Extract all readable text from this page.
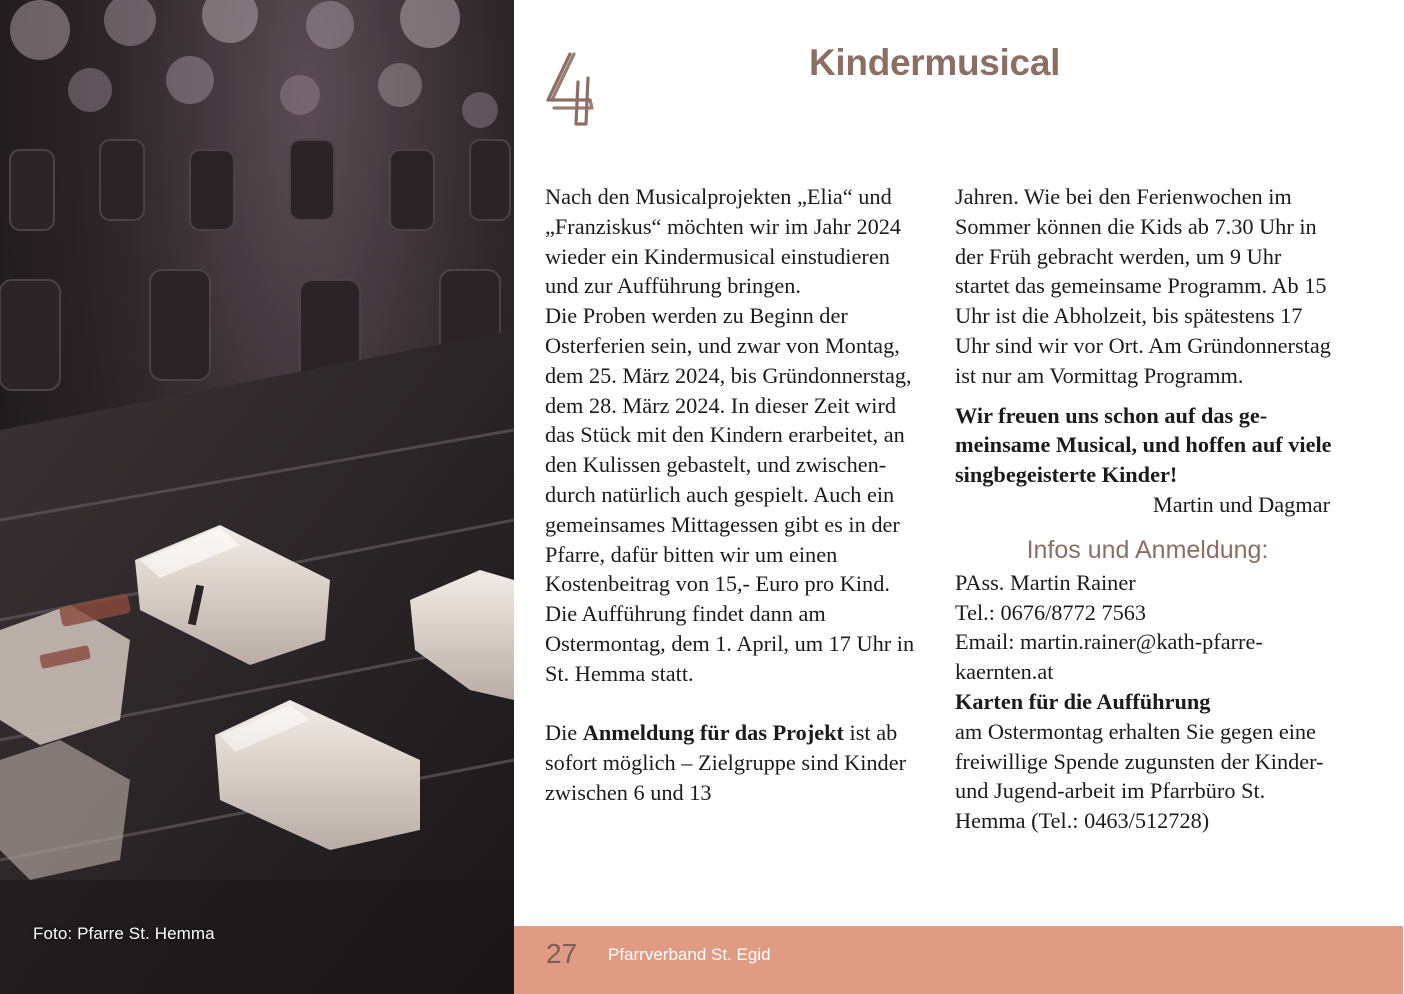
Foto: Pfarre St. Hemma
Kindermusical

Nach den Musicalprojekten „Elia“ und „Franziskus“ möchten wir im Jahr 2024 wieder ein Kindermusical einstudieren und zur Aufführung bringen.

Die Proben werden zu Beginn der Osterferien sein, und zwar von Montag, dem 25. März 2024, bis Gründonnerstag, dem 28. März 2024. In dieser Zeit wird das Stück mit den Kindern erarbeitet, an den Kulissen gebastelt, und zwischen-durch natürlich auch gespielt. Auch ein gemeinsames Mittagessen gibt es in der Pfarre, dafür bitten wir um einen Kostenbeitrag von 15,- Euro pro Kind.

Die Aufführung findet dann am Ostermontag, dem 1. April, um 17 Uhr in St. Hemma statt.

Die Anmeldung für das Projekt ist ab sofort möglich – Zielgruppe sind Kinder zwischen 6 und 13

Jahren. Wie bei den Ferienwochen im Sommer können die Kids ab 7.30 Uhr in der Früh gebracht werden, um 9 Uhr startet das gemeinsame Programm. Ab 15 Uhr ist die Abholzeit, bis spätestens 17 Uhr sind wir vor Ort. Am Gründonnerstag ist nur am Vormittag Programm.

Wir freuen uns schon auf das ge-meinsame Musical, und hoffen auf viele singbegeisterte Kinder!

Martin und Dagmar

Infos und Anmeldung:

PAss. Martin Rainer

Tel.: 0676/8772 7563

Email: martin.rainer@kath-pfarre-

kaernten.at

Karten für die Aufführung

am Ostermontag erhalten Sie gegen eine freiwillige Spende zugunsten der Kinder- und Jugend-arbeit im Pfarrbüro St. Hemma (Tel.: 0463/512728)

27 Pfarrverband St. Egid
